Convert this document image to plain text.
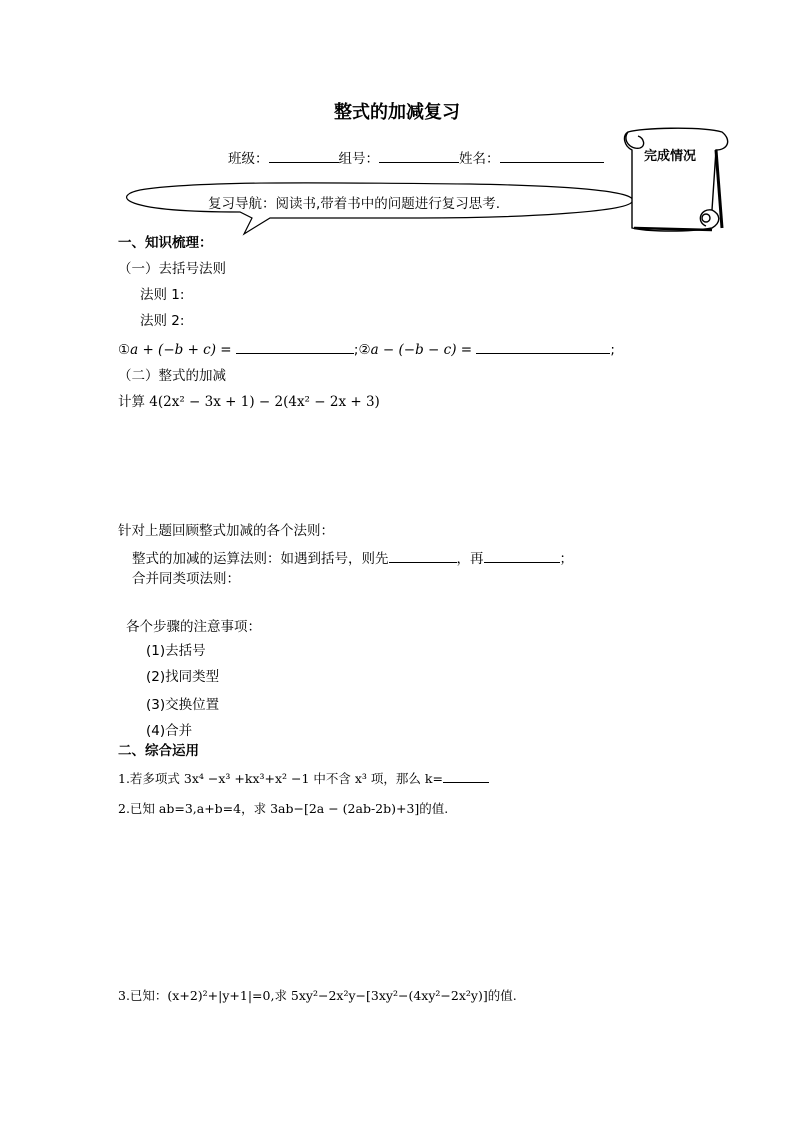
整式的加减复习
班级：	组号：	姓名：	完成情况
复习导航：阅读书,带着书中的问题进行复习思考.
一、知识梳理：
（一）去括号法则
法则 1:
法则 2:
①a + (−b + c) =	;②a − (−b − c) =	;
（二）整式的加减
计算 4(2x² − 3x + 1) − 2(4x² − 2x + 3)
针对上题回顾整式加减的各个法则：
整式的加减的运算法则：如遇到括号，则先	，再	；
合并同类项法则：
各个步骤的注意事项：
(1)去括号
(2)找同类型
(3)交换位置
(4)合并
二、综合运用
1.若多项式 3x⁴ −x³ +kx³+x² −1 中不含 x³ 项，那么 k=
2.已知 ab=3,a+b=4，求 3ab−[2a − (2ab-2b)+3]的值.
3.已知：(x+2)²+|y+1|=0,求 5xy²−2x²y−[3xy²−(4xy²−2x²y)]的值.
